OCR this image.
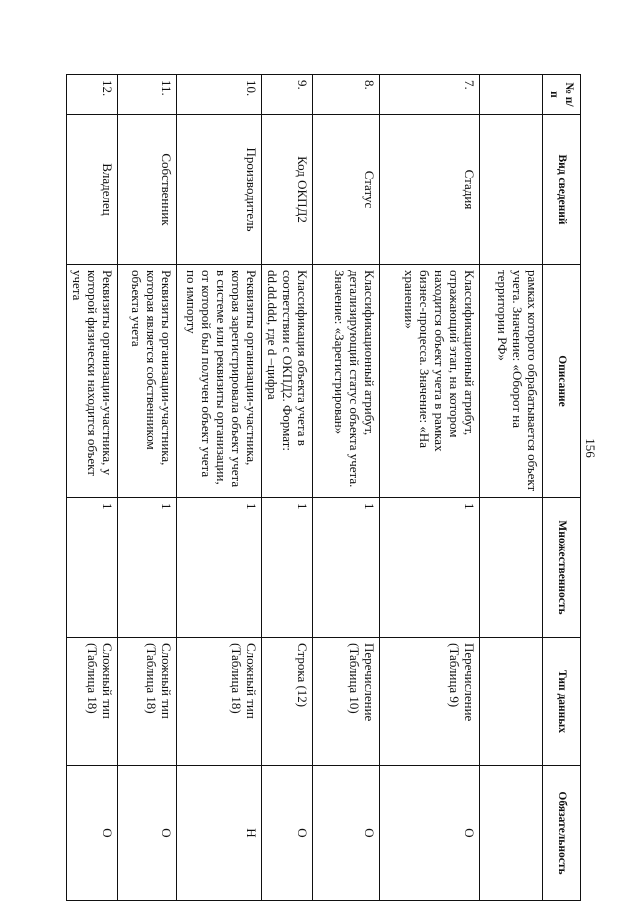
156
№ п/п	Вид сведений	Описание	Множественность	Тип данных	Обязательность
		рамках которого обрабатывается объект учета. Значение: «Оборот на территории РФ»			
7.	Стадия	Классификационный атрибут, отражающий этап, на котором находится объект учета в рамках бизнес-процесса. Значение: «На хранении»	1	Перечисление (Таблица 9)	О
8.	Статус	Классификационный атрибут, детализирующий статус объекта учета. Значение: «Зарегистрирован»	1	Перечисление (Таблица 10)	О
9.	Код ОКПД2	Классификация объекта учета в соответствии с ОКПД2. Формат: dd.dd.ddd, где d –цифра	1	Строка (12)	О
10.	Производитель	Реквизиты организации-участника, которая зарегистрировала объект учета в системе или реквизиты организации, от которой был получен объект учета по импорту	1	Сложный тип (Таблица 18)	Н
11.	Собственник	Реквизиты организации-участника, которая является собственником объекта учета	1	Сложный тип (Таблица 18)	О
12.	Владелец	Реквизиты организации-участника, у которой физически находится объект учета	1	Сложный тип (Таблица 18)	О
